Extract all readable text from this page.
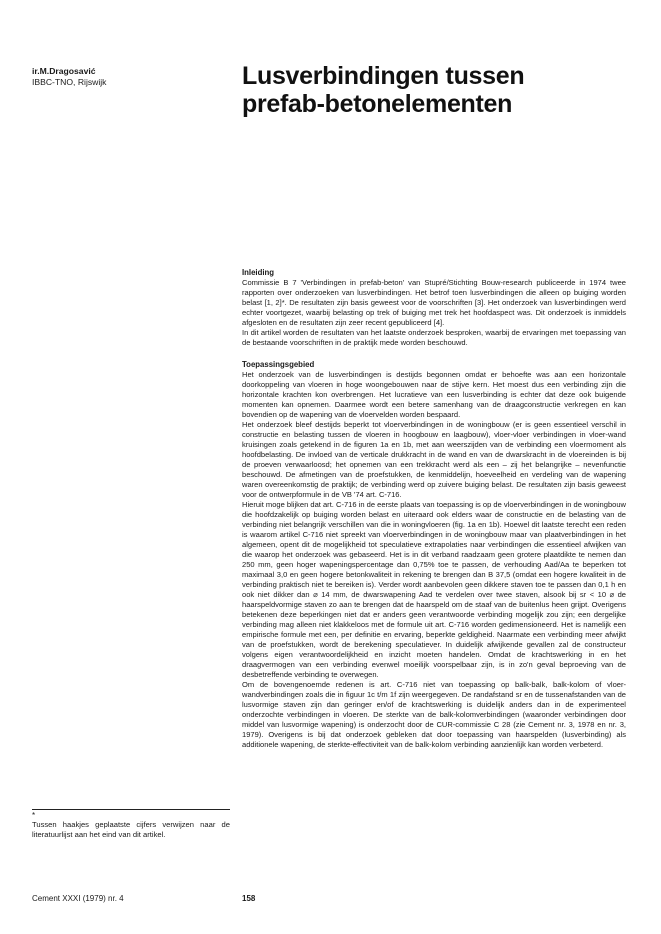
ir.M.Dragosavić
IBBC-TNO, Rijswijk	Lusverbindingen tussen
prefab-betonelementen
Inleiding

Commissie B 7 'Verbindingen in prefab-beton' van Stupré/Stichting Bouw-research publiceerde in 1974 twee rapporten over onderzoeken van lusverbindingen. Het betrof toen lusverbindingen die alleen op buiging worden belast [1, 2]*. De resultaten zijn basis geweest voor de voorschriften [3]. Het onderzoek van lusverbindingen werd echter voortgezet, waarbij belasting op trek of buiging met trek het hoofdaspect was. Dit onderzoek is inmiddels afgesloten en de resultaten zijn zeer recent gepubliceerd [4].

In dit artikel worden de resultaten van het laatste onderzoek besproken, waarbij de ervaringen met toepassing van de bestaande voorschriften in de praktijk mede worden beschouwd.

Toepassingsgebied

Het onderzoek van de lusverbindingen is destijds begonnen omdat er behoefte was aan een horizontale doorkoppeling van vloeren in hoge woongebouwen naar de stijve kern. Het moest dus een verbinding zijn die horizontale krachten kon overbrengen. Het lucratieve van een lusverbinding is echter dat deze ook buigende momenten kan opnemen. Daarmee wordt een betere samenhang van de draagconstructie verkregen en kan bovendien op de wapening van de vloervelden worden bespaard.

Het onderzoek bleef destijds beperkt tot vloerverbindingen in de woningbouw (er is geen essentieel verschil in constructie en belasting tussen de vloeren in hoogbouw en laagbouw), vloer-vloer verbindingen in vloer-wand kruisingen zoals getekend in de figuren 1a en 1b, met aan weerszijden van de verbinding een vloermoment als hoofdbelasting. De invloed van de verticale drukkracht in de wand en van de dwarskracht in de vloereinden is bij de proeven verwaarloosd; het opnemen van een trekkracht werd als een – zij het belangrijke – nevenfunctie beschouwd. De afmetingen van de proefstukken, de kenmiddelijn, hoeveelheid en verdeling van de wapening waren overeenkomstig de praktijk; de verbinding werd op zuivere buiging belast. De resultaten zijn basis geweest voor de ontwerpformule in de VB '74 art. C-716.

Hieruit moge blijken dat art. C-716 in de eerste plaats van toepassing is op de vloerverbindingen in de woningbouw die hoofdzakelijk op buiging worden belast en uiteraard ook elders waar de constructie en de belasting van de verbinding niet belangrijk verschillen van die in woningvloeren (fig. 1a en 1b). Hoewel dit laatste terecht een reden is waarom artikel C-716 niet spreekt van vloerverbindingen in de woningbouw maar van plaatverbindingen in het algemeen, opent dit de mogelijkheid tot speculatieve extrapolaties naar verbindingen die essentieel afwijken van die waarop het onderzoek was gebaseerd. Het is in dit verband raadzaam geen grotere plaatdikte te nemen dan 250 mm, geen hoger wapeningspercentage dan 0,75% toe te passen, de verhouding Aad/Aa te beperken tot maximaal 3,0 en geen hogere betonkwaliteit in rekening te brengen dan B 37,5 (omdat een hogere kwaliteit in de verbinding praktisch niet te bereiken is). Verder wordt aanbevolen geen dikkere staven toe te passen dan 0,1 h en ook niet dikker dan ⌀ 14 mm, de dwarswapening Aad te verdelen over twee staven, alsook bij sr < 10 ⌀ de haarspeldvormige staven zo aan te brengen dat de haarspeld om de staaf van de buitenlus heen grijpt. Overigens betekenen deze beperkingen niet dat er anders geen verantwoorde verbinding mogelijk zou zijn; een dergelijke verbinding mag alleen niet klakkeloos met de formule uit art. C-716 worden gedimensioneerd. Het is namelijk een empirische formule met een, per definitie en ervaring, beperkte geldigheid. Naarmate een verbinding meer afwijkt van de proefstukken, wordt de berekening speculatiever. In duidelijk afwijkende gevallen zal de constructeur volgens eigen verantwoordelijkheid en inzicht moeten handelen. Omdat de krachtswerking in en het draagvermogen van een verbinding evenwel moeilijk voorspelbaar zijn, is in zo'n geval beproeving van de desbetreffende verbinding te overwegen.

Om de bovengenoemde redenen is art. C-716 niet van toepassing op balk-balk, balk-kolom of vloer-wandverbindingen zoals die in figuur 1c t/m 1f zijn weergegeven. De randafstand sr en de tussenafstanden van de lusvormige staven zijn dan geringer en/of de krachtswerking is duidelijk anders dan in de experimenteel onderzochte verbindingen in vloeren. De sterkte van de balk-kolomverbindingen (waaronder verbindingen door middel van lusvormige wapening) is onderzocht door de CUR-commissie C 28 (zie Cement nr. 3, 1978 en nr. 3, 1979). Overigens is bij dat onderzoek gebleken dat door toepassing van haarspelden (lusverbinding) als additionele wapening, de sterkte-effectiviteit van de balk-kolom verbinding aanzienlijk kan worden verbeterd.

*
Tussen haakjes geplaatste cijfers verwijzen naar de literatuurlijst aan het eind van dit artikel.
Cement XXXI (1979) nr. 4	158
